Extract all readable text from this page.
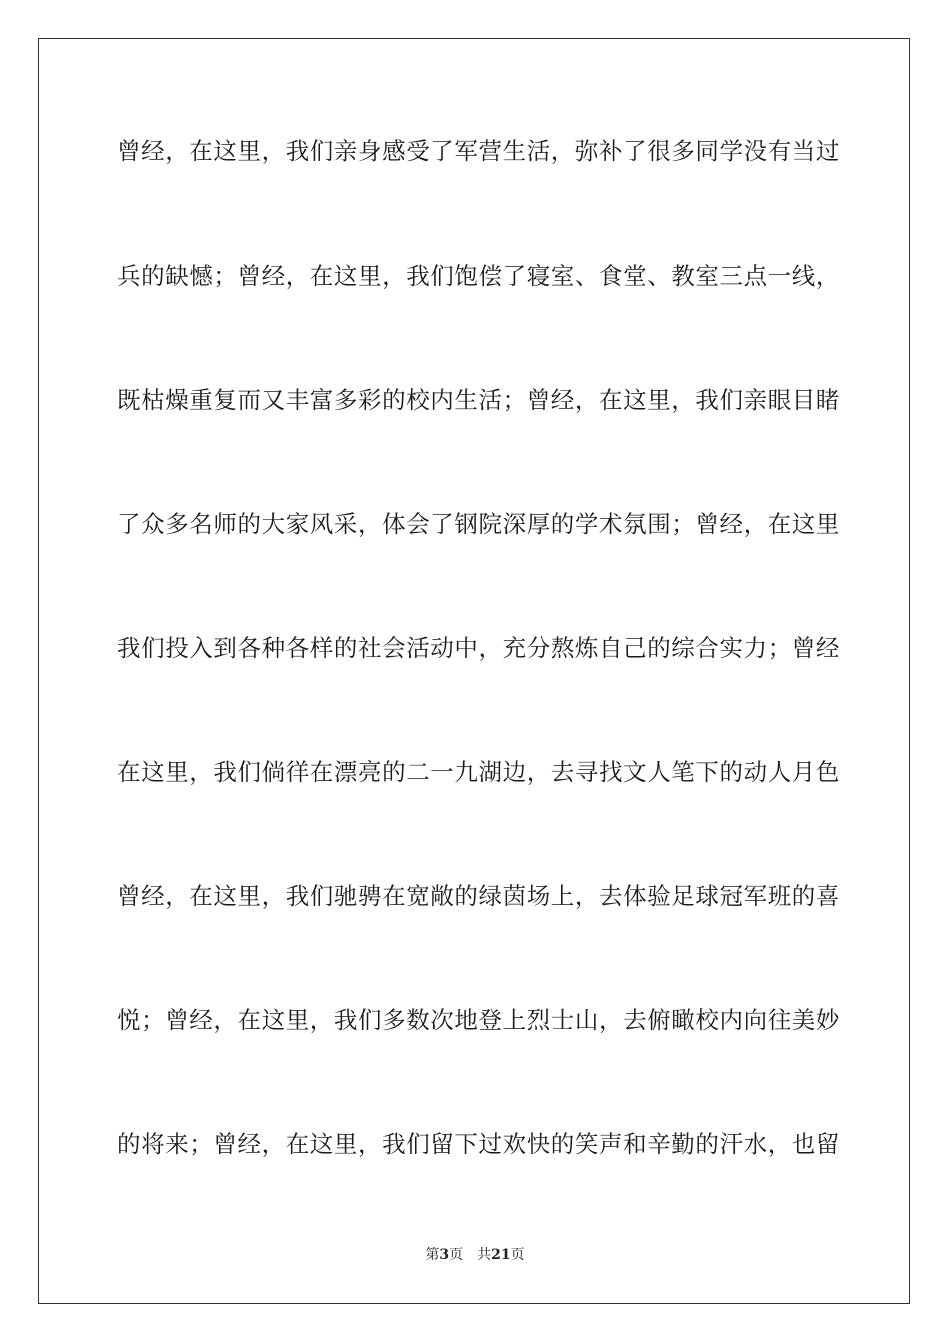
曾经，在这里，我们亲身感受了军营生活，弥补了很多同学没有当过
兵的缺憾；曾经，在这里，我们饱偿了寝室、食堂、教室三点一线，
既枯燥重复而又丰富多彩的校内生活；曾经，在这里，我们亲眼目睹
了众多名师的大家风采，体会了钢院深厚的学术氛围；曾经，在这里
我们投入到各种各样的社会活动中，充分熬炼自己的综合实力；曾经
在这里，我们倘徉在漂亮的二一九湖边，去寻找文人笔下的动人月色
曾经，在这里，我们驰骋在宽敞的绿茵场上，去体验足球冠军班的喜
悦；曾经，在这里，我们多数次地登上烈士山，去俯瞰校内向往美妙
的将来；曾经，在这里，我们留下过欢快的笑声和辛勤的汗水，也留
第3页 共21页
